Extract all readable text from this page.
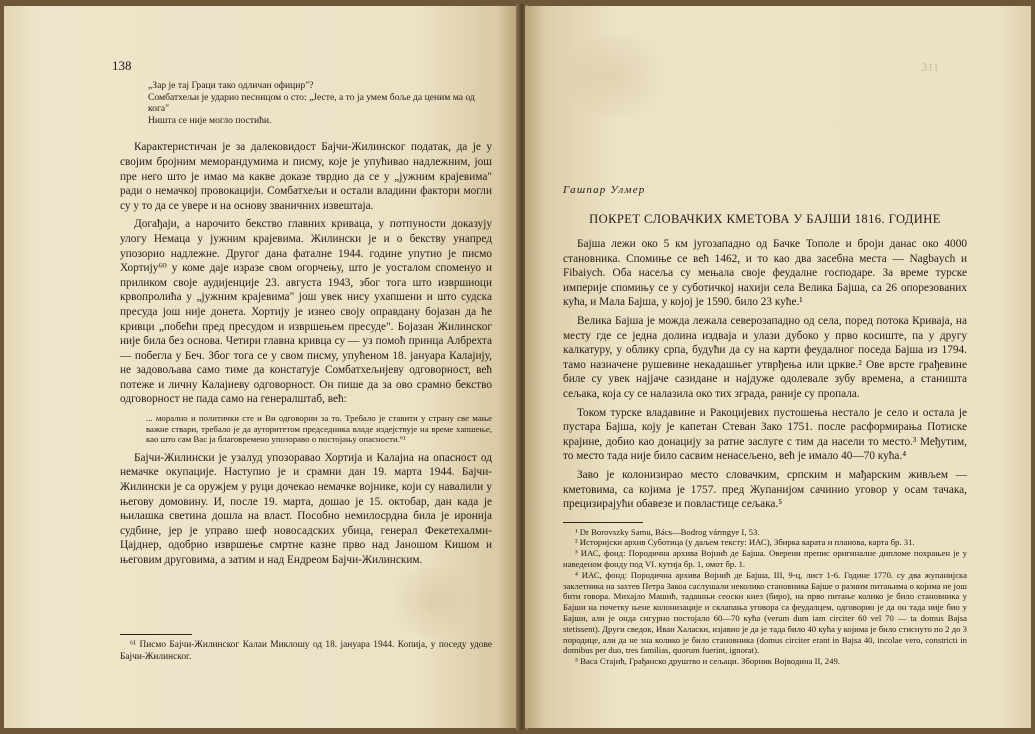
138

„Зар је тај Граци тако одличан официр"?

Сомбатхељи је ударио песницом о сто: „Јесте, а то ја умем боље да ценим ма од кога"

Ништа се није могло постићи.

Карактеристичан је за далековидост Бајчи-Жилинског податак, да је у својим бројним меморандумима и писму, које је упућивао надлежним, још пре него што је имао ма какве доказе тврдио да се у „јужним крајевима" ради о немачкој провокацији. Сомбатхељи и остали владини фактори могли су у то да се увере и на основу званичних извештаја.

Догађаји, а нарочито бекство главних кривaца, у потпуности доказују улогу Немаца у јужним крајевима. Жилински је и о бекству унапред упозорио надлежне. Другог дана фаталне 1944. године упутио је писмо Хортију⁶⁰ у коме даје изразе свом огорчењу, што је уосталом споменуо и приликом своје аудијенције 23. августа 1943, због тога што извршиоци крвопролића у „јужним крајевима" још увек нису ухапшени и што судска пресуда још није донета. Хортију је изнео своју оправдану бојазан да ће кривци „побећи пред пресудом и извршењем пресуде". Бојазан Жилинског није била без основа. Четири главна кривца су — уз помоћ принца Албрехта — побегла у Беч. Због тога се у свом писму, упућеном 18. јануара Калајију, не задовољава само тиме да констатује Сомбатхељијеву одговорност, већ потеже и личну Калајиеву одговорност. Он пише да за ово срамно бекство одговорност не пада само на генералштаб, већ:

... морално и политички сте и Ви одговорни за то. Требало је ставити у страну све мање важне ствари, требало је да ауторитетом председника владе издејствује на време хапшење, као што сам Вас ја благовремено упозораво о постојању опасности.⁶¹

Бајчи-Жилински је узалуд упозоравао Хортија и Калајиа на опасност од немачке окупације. Наступио је и срамни дан 19. марта 1944. Бајчи-Жилински је са оружјем у руци дочекао немачке војнике, који су навалили у његову домовину. И, после 19. марта, дошао је 15. октобар, дан када је њилашка светина дошла на власт. Пособно немилосрдна била је иронија судбине, јер је управо шеф новосадских убица, генерал Фекетехалми-Цајднер, одобрио извршење смртне казне прво над Јаношом Кишом и његовим друговима, а затим и над Ендреом Бајчи-Жилинским.

⁶¹ Писмо Бајчи-Жилинског Калаи Миклошу од 18. јануара 1944. Копија, у поседу удове Бајчи-Жилинског.

311
Гашпар Улмер
ПОКРЕТ СЛОВАЧКИХ КМЕТОВА У БАЈШИ 1816. ГОДИНЕ

Бајша лежи око 5 км југозападно од Бачке Тополе и броји данас око 4000 становника. Спомиње се већ 1462, и то као два засебна места — Nagbaych и Fibaiych. Оба насеља су мењала своје феудалне господаре. За време турске империје спомињу се у суботичкој нахији села Велика Бајша, са 26 опорезованих кућа, и Мала Бајша, у којој је 1590. било 23 куће.¹

Велика Бајша је можда лежала северозападно од села, поред потока Криваја, на месту где се једна долина издваја и улази дубоко у прво косиште, па у другу калкатуру, у облику српа, будући да су на карти феудалног поседа Бајша из 1794. тамо назначене рушевине некадашњег утврђења или цркве.² Ове врсте грађевине биле су увек најјаче сазидане и најдуже одолевале зубу времена, а станишта сељака, која су се налазила око тих зграда, раније су пропала.

Током турске владавине и Ракоцијевих пустошења нестало је село и остала је пустара Бајша, коју је капетан Стеван Зако 1751. после расформирања Потиске крајине, добио као донацију за ратне заслуге с тим да насели то место.³ Међутим, то место тада није било сасвим ненасељено, већ је имало 40—70 кућа.⁴

Заво је колонизирао место словачким, српским и мађарским живљем — кметовима, са којима је 1757. пред Жупанијом сачинио уговор у осам тачака, прецизирајући обавезе и повластице сељака.⁵

¹ Dr Borovszky Samu, Bács—Bodrog vármgye I, 53.

² Историјски архив Суботица (у даљем тексту: ИАС), Збирка карата и планова, карта бр. 31.

³ ИАС, фонд: Породична архива Војнић де Бајша. Оверени препис оригиналне дипломе похрањен је у наведеном фонду под VI. кутија бр. 1, омот бр. 1.

⁴ ИАС, фонд: Породична архива Војнић де Бајша, III, 9-ц, лист 1-6. Године 1770. су два жупанијска заклетника на захтев Петра Закоа саслушали неколико становника Бајше о разним питањима о којима не још бити говора. Михајло Машић, тадашњи сеоски кнез (бирo), на прво питање колико је било становника у Бајши на почетку њене колонизације и склапања уговора са феудалцем, одговорио је да он тада није био у Бајши, али је онда сигурно постојало 60—70 кућа (verum dum iam circiter 60 vel 70 — ta domus Bajsa stetissent). Други сведок, Иван Халаски, изјавио је да је тада било 40 кућа у којима је било стиснуто по 2 до 3 породице, али да не зна колико је било становника (domus circiter erant in Bajsa 40, incolae vero, constricti in domibus per duo, tres familias, quorum fuerint, ignorat).

⁵ Васа Стајић, Грађанско друштво и сељаци. Зборник Војводина II, 249.
